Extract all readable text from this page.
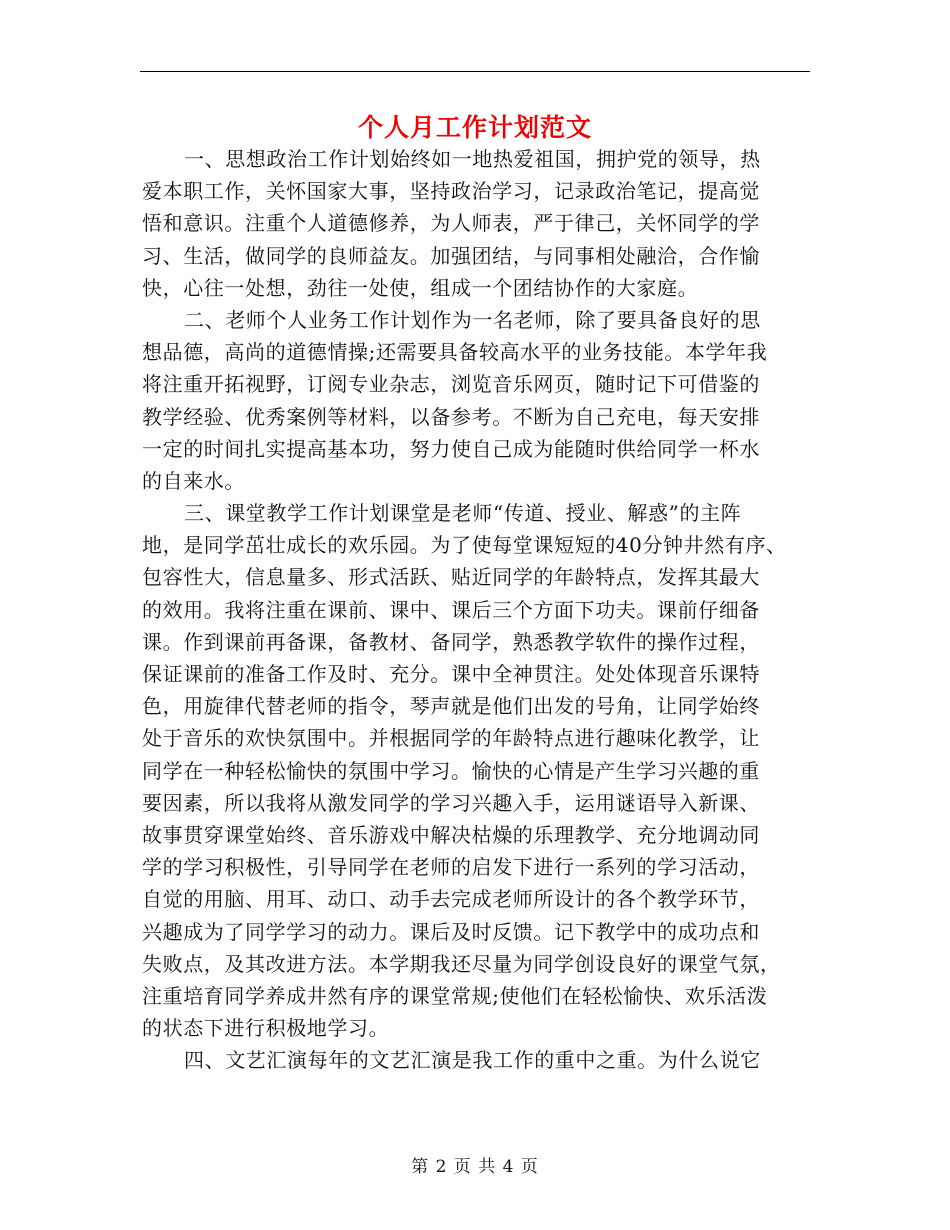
个人月工作计划范文
一、思想政治工作计划始终如一地热爱祖国，拥护党的领导，热
爱本职工作，关怀国家大事，坚持政治学习，记录政治笔记，提高觉
悟和意识。注重个人道德修养，为人师表，严于律己，关怀同学的学
习、生活，做同学的良师益友。加强团结，与同事相处融洽，合作愉
快，心往一处想，劲往一处使，组成一个团结协作的大家庭。
二、老师个人业务工作计划作为一名老师，除了要具备良好的思
想品德，高尚的道德情操;还需要具备较高水平的业务技能。本学年我
将注重开拓视野，订阅专业杂志，浏览音乐网页，随时记下可借鉴的
教学经验、优秀案例等材料，以备参考。不断为自己充电，每天安排
一定的时间扎实提高基本功，努力使自己成为能随时供给同学一杯水
的自来水。
三、课堂教学工作计划课堂是老师“传道、授业、解惑”的主阵
地，是同学茁壮成长的欢乐园。为了使每堂课短短的40分钟井然有序、
包容性大，信息量多、形式活跃、贴近同学的年龄特点，发挥其最大
的效用。我将注重在课前、课中、课后三个方面下功夫。课前仔细备
课。作到课前再备课，备教材、备同学，熟悉教学软件的操作过程，
保证课前的准备工作及时、充分。课中全神贯注。处处体现音乐课特
色，用旋律代替老师的指令，琴声就是他们出发的号角，让同学始终
处于音乐的欢快氛围中。并根据同学的年龄特点进行趣味化教学，让
同学在一种轻松愉快的氛围中学习。愉快的心情是产生学习兴趣的重
要因素，所以我将从激发同学的学习兴趣入手，运用谜语导入新课、
故事贯穿课堂始终、音乐游戏中解决枯燥的乐理教学、充分地调动同
学的学习积极性，引导同学在老师的启发下进行一系列的学习活动，
自觉的用脑、用耳、动口、动手去完成老师所设计的各个教学环节，
兴趣成为了同学学习的动力。课后及时反馈。记下教学中的成功点和
失败点，及其改进方法。本学期我还尽量为同学创设良好的课堂气氛，
注重培育同学养成井然有序的课堂常规;使他们在轻松愉快、欢乐活泼
的状态下进行积极地学习。
四、文艺汇演每年的文艺汇演是我工作的重中之重。为什么说它
第 2 页 共 4 页
